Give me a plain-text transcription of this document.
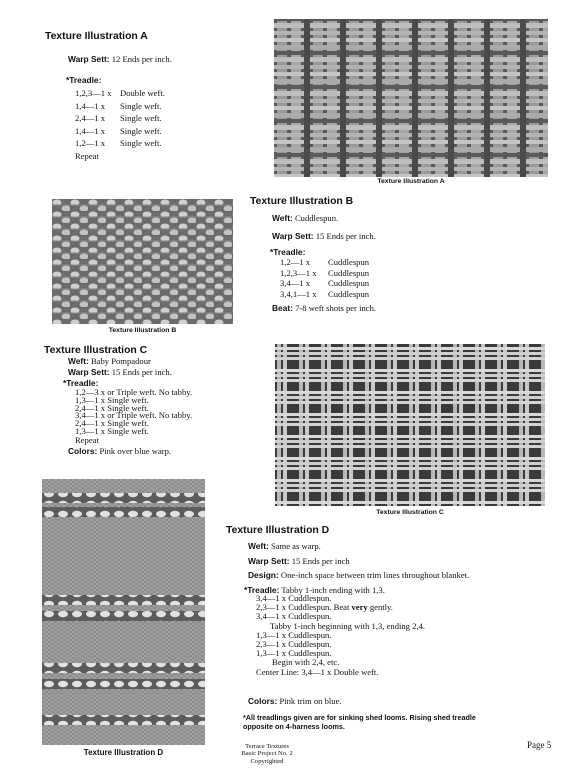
Texture Illustration A
Warp Sett: 12 Ends per inch.
*Treadle:
1,2,3—1 x Double weft.
1,4—1 x Single weft.
2,4—1 x Single weft.
1,4—1 x Single weft.
1,2—1 x Single weft.
Repeat
Texture Illustration A
Texture Illustration B
Texture Illustration B
Weft: Cuddlespun.
Warp Sett: 15 Ends per inch.
*Treadle:
1,2—1 x Cuddlespun
1,2,3—1 x Cuddlespun
3,4—1 x Cuddlespun
3,4,1—1 x Cuddlespun
Beat: 7-8 weft shots per inch.
Texture Illustration C
Weft: Baby Pompadour
Warp Sett: 15 Ends per inch.
*Treadle:
1,2—3 x or Triple weft. No tabby.
1,3—1 x Single weft.
2,4—1 x Single weft.
3,4—1 x or Triple weft. No tabby.
2,4—1 x Single weft.
1,3—1 x Single weft.
Repeat
Colors: Pink over blue warp.
Texture Illustration C
Texture Illustration D
Texture Illustration D
Weft: Same as warp.
Warp Sett: 15 Ends per inch
Design: One-inch space between trim lines throughout blanket.
*Treadle: Tabby 1-inch ending with 1,3.
3,4—1 x Cuddlespun.
2,3—1 x Cuddlespun. Beat very gently.
3,4—1 x Cuddlespun.
Tabby 1-inch beginning with 1,3, ending 2,4.
1,3—1 x Cuddlespun.
2,3—1 x Cuddlespun.
1,3—1 x Cuddlespun.
Begin with 2,4, etc.
Center Line: 3,4—1 x Double weft.
Colors: Pink trim on blue.
*All treadlings given are for sinking shed looms. Rising shed treadle
opposite on 4-harness looms.
Terrace Textures
Basic Project No. 2
Copyrighted
Page 5
